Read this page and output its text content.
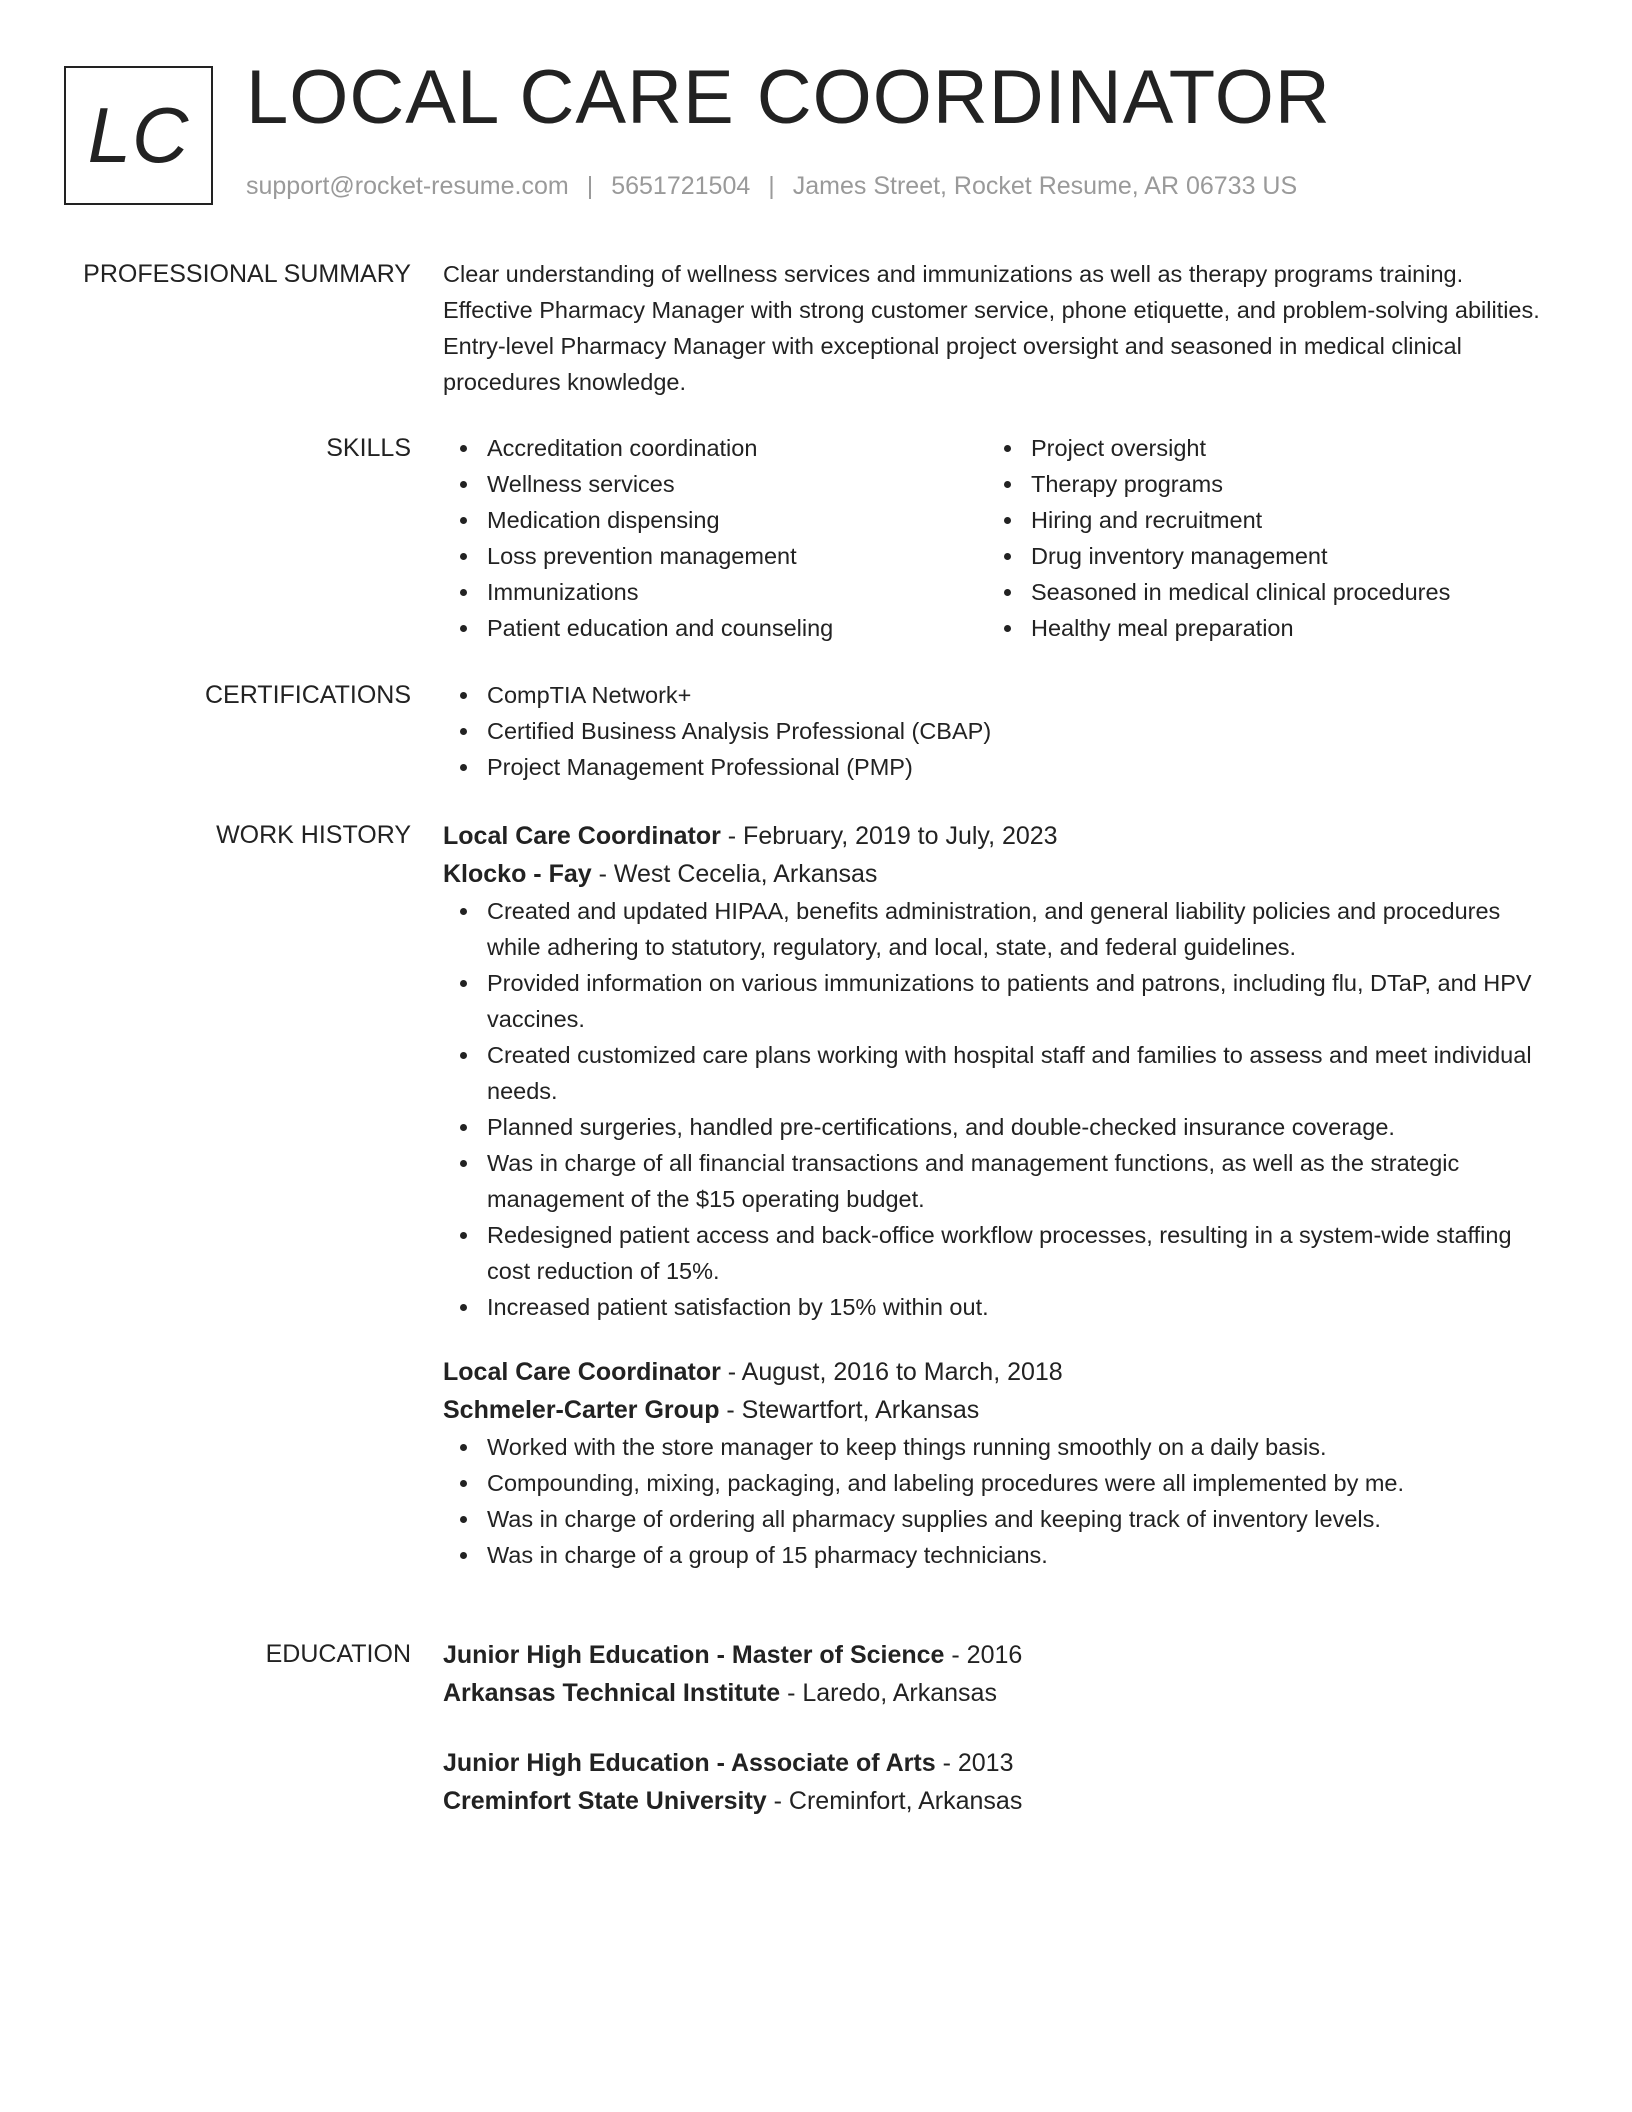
LC LOCAL CARE COORDINATOR
support@rocket-resume.com | 5651721504 | James Street, Rocket Resume, AR 06733 US
PROFESSIONAL SUMMARY Clear understanding of wellness services and immunizations as well as therapy programs training. Effective Pharmacy Manager with strong customer service, phone etiquette, and problem-solving abilities. Entry-level Pharmacy Manager with exceptional project oversight and seasoned in medical clinical procedures knowledge.
SKILLS	Accreditation coordination
Wellness services
Medication dispensing
Loss prevention management
Immunizations
Patient education and counseling
Project oversight
Therapy programs
Hiring and recruitment
Drug inventory management
Seasoned in medical clinical procedures
Healthy meal preparation
CERTIFICATIONS	CompTIA Network+
Certified Business Analysis Professional (CBAP)
Project Management Professional (PMP)
WORK HISTORY Local Care Coordinator - February, 2019 to July, 2023
Klocko - Fay - West Cecelia, Arkansas
Created and updated HIPAA, benefits administration, and general liability policies and procedures while adhering to statutory, regulatory, and local, state, and federal guidelines.
Provided information on various immunizations to patients and patrons, including flu, DTaP, and HPV vaccines.
Created customized care plans working with hospital staff and families to assess and meet individual needs.
Planned surgeries, handled pre-certifications, and double-checked insurance coverage.
Was in charge of all financial transactions and management functions, as well as the strategic management of the $15 operating budget.
Redesigned patient access and back-office workflow processes, resulting in a system-wide staffing cost reduction of 15%.
Increased patient satisfaction by 15% within out.
Local Care Coordinator - August, 2016 to March, 2018
Schmeler-Carter Group - Stewartfort, Arkansas
Worked with the store manager to keep things running smoothly on a daily basis.
Compounding, mixing, packaging, and labeling procedures were all implemented by me.
Was in charge of ordering all pharmacy supplies and keeping track of inventory levels.
Was in charge of a group of 15 pharmacy technicians.
EDUCATION Junior High Education - Master of Science - 2016
Arkansas Technical Institute - Laredo, Arkansas
Junior High Education - Associate of Arts - 2013
Creminfort State University - Creminfort, Arkansas
